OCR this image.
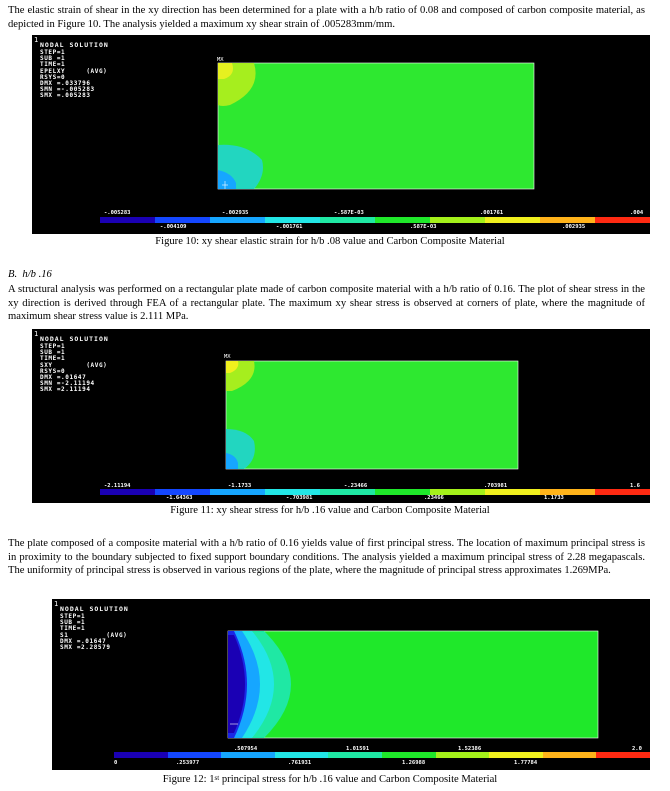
The elastic strain of shear in the xy direction has been determined for a plate with a h/b ratio of 0.08 and composed of carbon composite material, as depicted in Figure 10. The analysis yielded a maximum xy shear strain of .005283mm/mm.

1
NODAL SOLUTION
STEP=1
SUB =1
TIME=1
EPELXY     (AVG)
RSYS=0
DMX =.033796
SMN =-.005283
SMX =.005283
MX
-.005283	-.002935	-.587E-03	.001761	.004
-.004109	-.001761	.587E-03	.002935

Figure 10: xy shear elastic strain for h/b .08 value and Carbon Composite Material

B. h/b .16

A structural analysis was performed on a rectangular plate made of carbon composite material with a h/b ratio of 0.16. The plot of shear stress in the xy direction is derived through FEA of a rectangular plate. The maximum xy shear stress is observed at corners of plate, where the magnitude of maximum shear stress value is 2.111 MPa.

1
NODAL SOLUTION
STEP=1
SUB =1
TIME=1
SXY        (AVG)
RSYS=0
DMX =.01647
SMN =-2.11194
SMX =2.11194
MX
-2.11194	-1.1733	-.23466	.703981	1.6
-1.64363	-.703981	.23466	1.1733

Figure 11: xy shear stress for h/b .16 value and Carbon Composite Material

The plate composed of a composite material with a h/b ratio of 0.16 yields value of first principal stress. The location of maximum principal stress is in proximity to the boundary subjected to fixed support boundary conditions. The analysis yielded a maximum principal stress of 2.28 megapascals. The uniformity of principal stress is observed in various regions of the plate, where the magnitude of principal stress approximates 1.269MPa.

1
NODAL SOLUTION
STEP=1
SUB =1
TIME=1
S1         (AVG)
DMX =.01647
SMX =2.28579
0
.507954	1.01591	1.52386	2.0
.253977	.761931	1.26988	1.77784

Figure 12: 1st principal stress for h/b .16 value and Carbon Composite Material
